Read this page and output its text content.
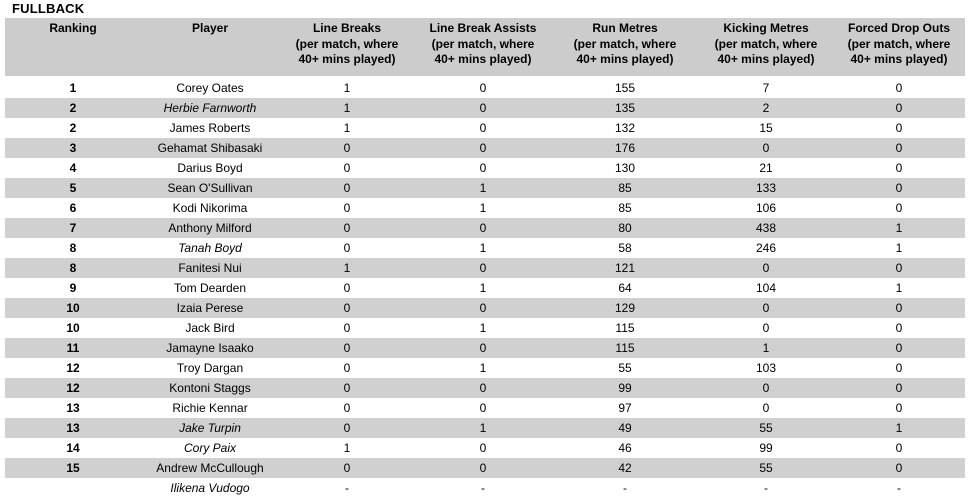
FULLBACK
Ranking	Player	Line Breaks
(per match, where
40+ mins played)	Line Break Assists
(per match, where
40+ mins played)	Run Metres
(per match, where
40+ mins played)	Kicking Metres
(per match, where
40+ mins played)	Forced Drop Outs
(per match, where
40+ mins played)

1	Corey Oates	1	0	155	7	0
2	Herbie Farnworth	1	0	135	2	0
2	James Roberts	1	0	132	15	0
3	Gehamat Shibasaki	0	0	176	0	0
4	Darius Boyd	0	0	130	21	0
5	Sean O'Sullivan	0	1	85	133	0
6	Kodi Nikorima	0	1	85	106	0
7	Anthony Milford	0	0	80	438	1
8	Tanah Boyd	0	1	58	246	1
8	Fanitesi Nui	1	0	121	0	0
9	Tom Dearden	0	1	64	104	1
10	Izaia Perese	0	0	129	0	0
10	Jack Bird	0	1	115	0	0
11	Jamayne Isaako	0	0	115	1	0
12	Troy Dargan	0	1	55	103	0
12	Kontoni Staggs	0	0	99	0	0
13	Richie Kennar	0	0	97	0	0
13	Jake Turpin	0	1	49	55	1
14	Cory Paix	1	0	46	99	0
15	Andrew McCullough	0	0	42	55	0
	Ilikena Vudogo	-	-	-	-	-
